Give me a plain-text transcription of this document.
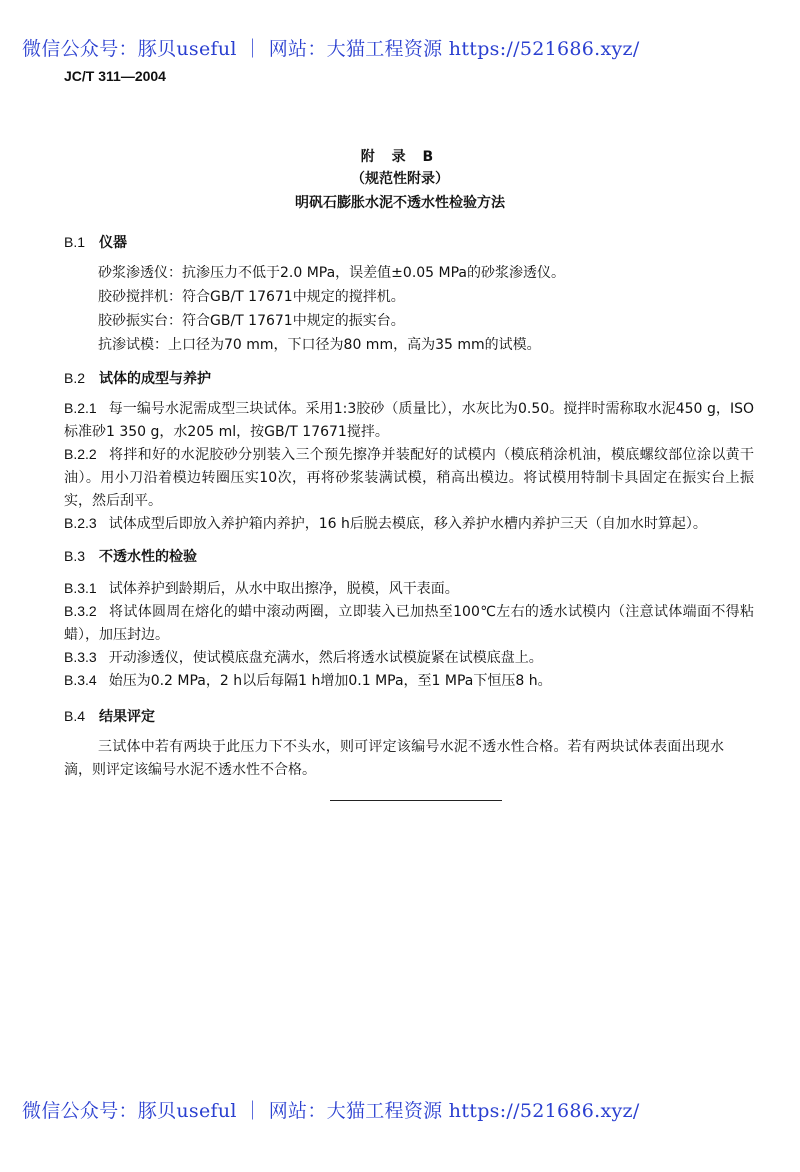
微信公众号：豚贝useful ｜ 网站：大猫工程资源 https://521686.xyz/
JC/T 311—2004
附 录 B
（规范性附录）
明矾石膨胀水泥不透水性检验方法
B.1 仪器
砂浆渗透仪：抗渗压力不低于2.0 MPa，误差值±0.05 MPa的砂浆渗透仪。
胶砂搅拌机：符合GB/T 17671中规定的搅拌机。
胶砂振实台：符合GB/T 17671中规定的振实台。
抗渗试模：上口径为70 mm，下口径为80 mm，高为35 mm的试模。
B.2 试体的成型与养护
B.2.1 每一编号水泥需成型三块试体。采用1:3胶砂（质量比），水灰比为0.50。搅拌时需称取水泥450 g，ISO标准砂1 350 g，水205 ml，按GB/T 17671搅拌。
B.2.2 将拌和好的水泥胶砂分别装入三个预先擦净并装配好的试模内（模底稍涂机油，模底螺纹部位涂以黄干油）。用小刀沿着模边转圈压实10次，再将砂浆装满试模，稍高出模边。将试模用特制卡具固定在振实台上振实，然后刮平。
B.2.3 试体成型后即放入养护箱内养护，16 h后脱去模底，移入养护水槽内养护三天（自加水时算起）。
B.3 不透水性的检验
B.3.1 试体养护到龄期后，从水中取出擦净，脱模，风干表面。
B.3.2 将试体圆周在熔化的蜡中滚动两圈，立即装入已加热至100℃左右的透水试模内（注意试体端面不得粘蜡），加压封边。
B.3.3 开动渗透仪，使试模底盘充满水，然后将透水试模旋紧在试模底盘上。
B.3.4 始压为0.2 MPa，2 h以后每隔1 h增加0.1 MPa，至1 MPa下恒压8 h。
B.4 结果评定
三试体中若有两块于此压力下不头水，则可评定该编号水泥不透水性合格。若有两块试体表面出现水滴，则评定该编号水泥不透水性不合格。
微信公众号：豚贝useful ｜ 网站：大猫工程资源 https://521686.xyz/
